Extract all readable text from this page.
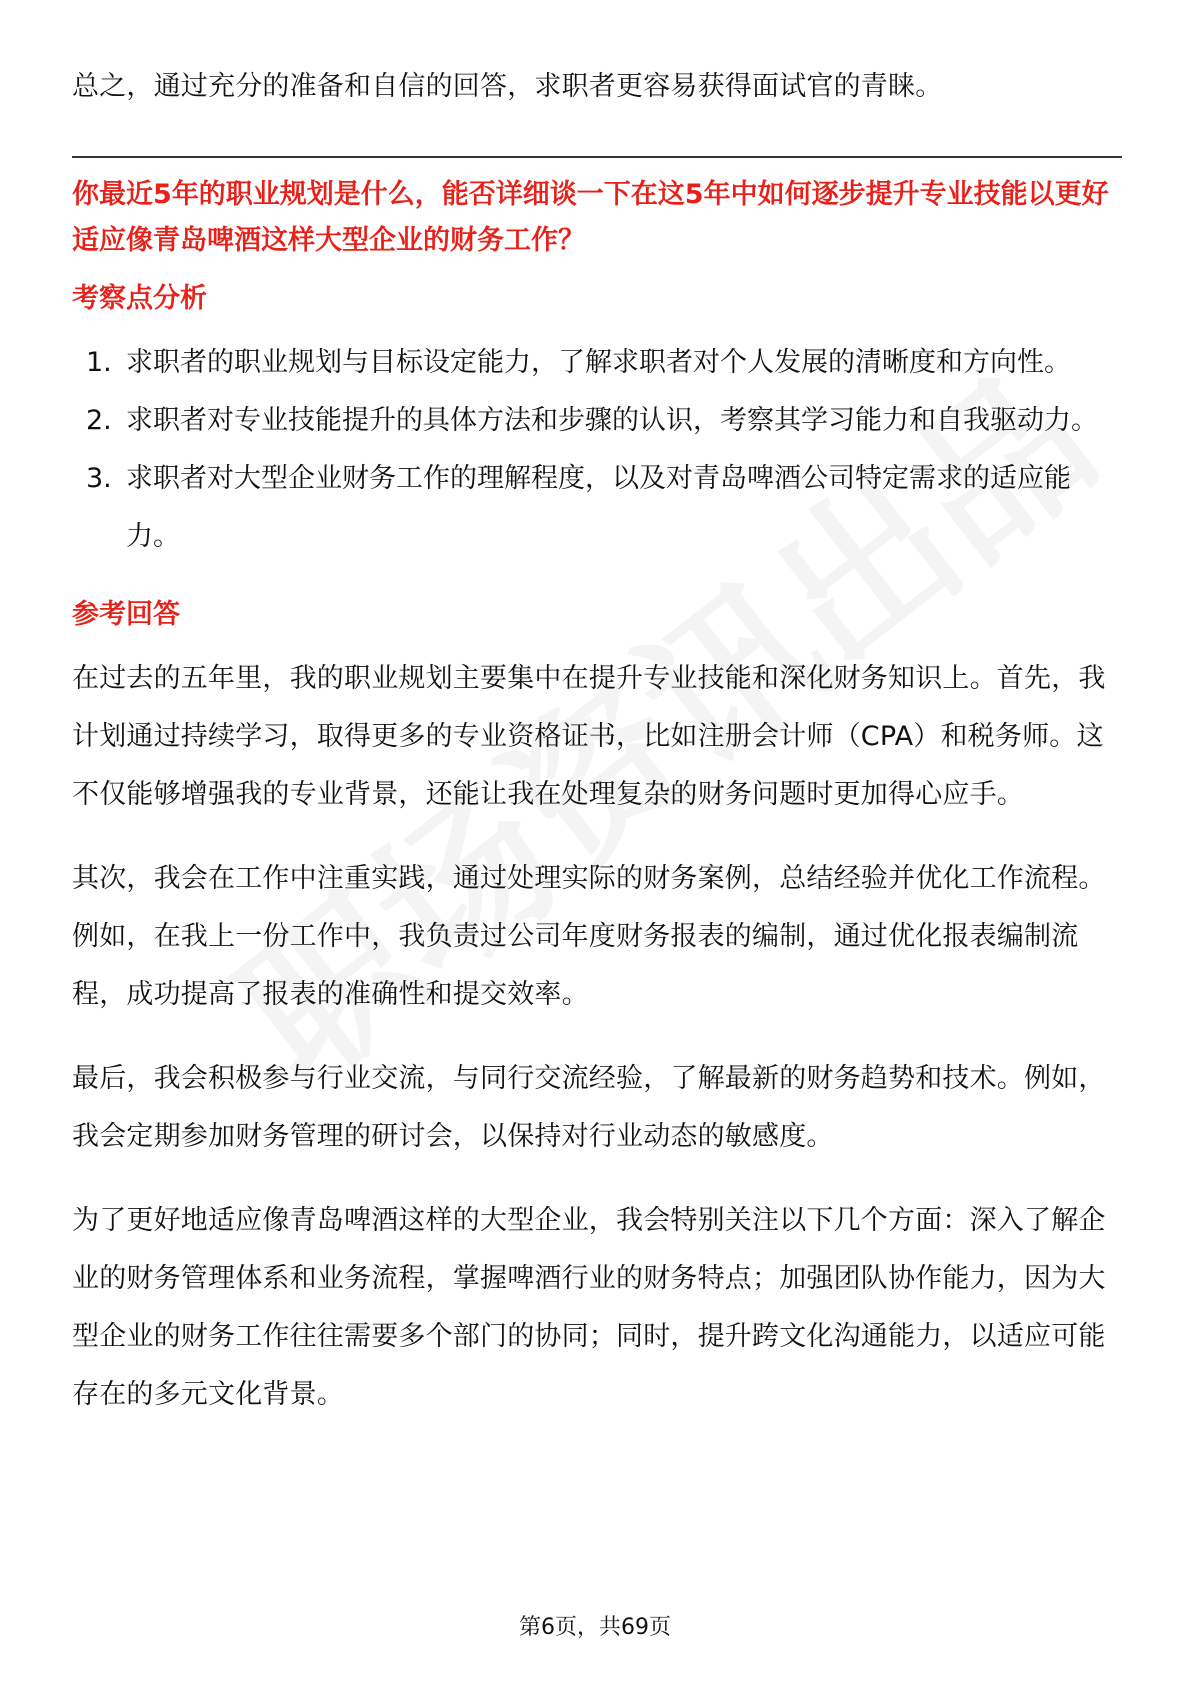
总之，通过充分的准备和自信的回答，求职者更容易获得面试官的青睐。

你最近5年的职业规划是什么，能否详细谈一下在这5年中如何逐步提升专业技能以更好适应像青岛啤酒这样大型企业的财务工作？
考察点分析
1. 求职者的职业规划与目标设定能力，了解求职者对个人发展的清晰度和方向性。
2. 求职者对专业技能提升的具体方法和步骤的认识，考察其学习能力和自我驱动力。
3. 求职者对大型企业财务工作的理解程度，以及对青岛啤酒公司特定需求的适应能力。
参考回答

在过去的五年里，我的职业规划主要集中在提升专业技能和深化财务知识上。首先，我计划通过持续学习，取得更多的专业资格证书，比如注册会计师（CPA）和税务师。这不仅能够增强我的专业背景，还能让我在处理复杂的财务问题时更加得心应手。

其次，我会在工作中注重实践，通过处理实际的财务案例，总结经验并优化工作流程。例如，在我上一份工作中，我负责过公司年度财务报表的编制，通过优化报表编制流程，成功提高了报表的准确性和提交效率。

最后，我会积极参与行业交流，与同行交流经验，了解最新的财务趋势和技术。例如，我会定期参加财务管理的研讨会，以保持对行业动态的敏感度。

为了更好地适应像青岛啤酒这样的大型企业，我会特别关注以下几个方面：深入了解企业的财务管理体系和业务流程，掌握啤酒行业的财务特点；加强团队协作能力，因为大型企业的财务工作往往需要多个部门的协同；同时，提升跨文化沟通能力，以适应可能存在的多元文化背景。

第6页，共69页
